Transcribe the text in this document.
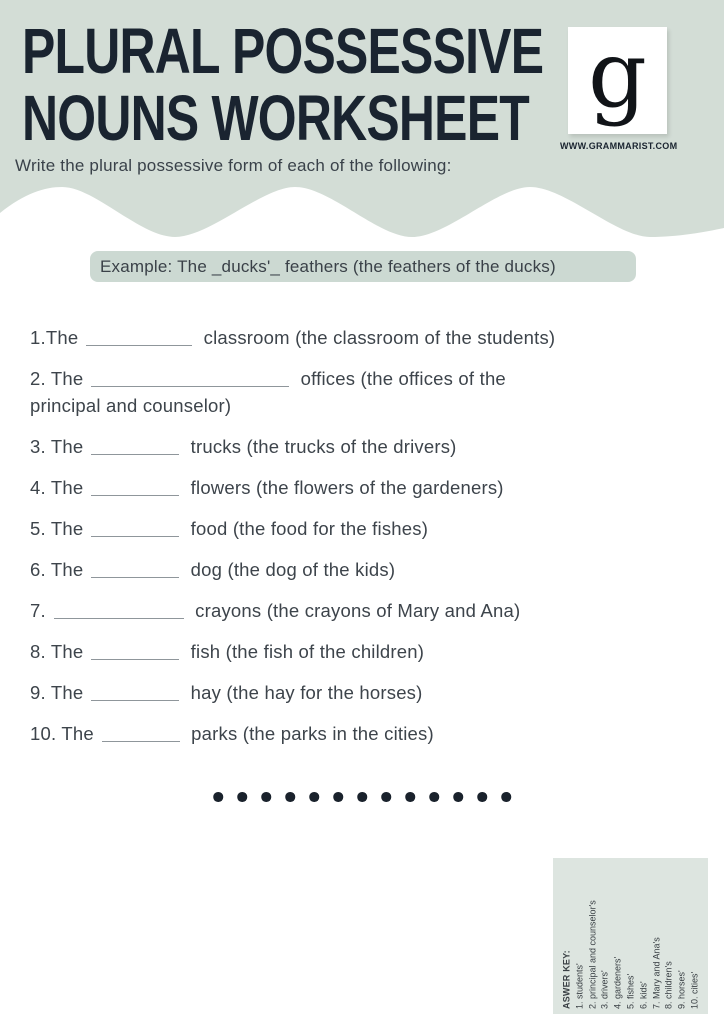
PLURAL POSSESSIVE
NOUNS WORKSHEET g
WWW.GRAMMARIST.COM

Write the plural possessive form of each of the following:

Example: The _ducks'_ feathers (the feathers of the ducks)
1.The	classroom (the classroom of the students)
2. The	offices (the offices of the
principal and counselor)
3. The	trucks (the trucks of the drivers)
4. The	flowers (the flowers of the gardeners)
5. The	food (the food for the fishes)
6. The	dog (the dog of the kids)
7.	crayons (the crayons of Mary and Ana)
8. The	fish (the fish of the children)
9. The	hay (the hay for the horses)
10. The	parks (the parks in the cities)
ASWER KEY: 1. students' 2. principal and counselor's 3. drivers' 4. gardeners' 5. fishes' 6. kids' 7. Mary and Ana's 8. children's 9. horses' 10. cities'
